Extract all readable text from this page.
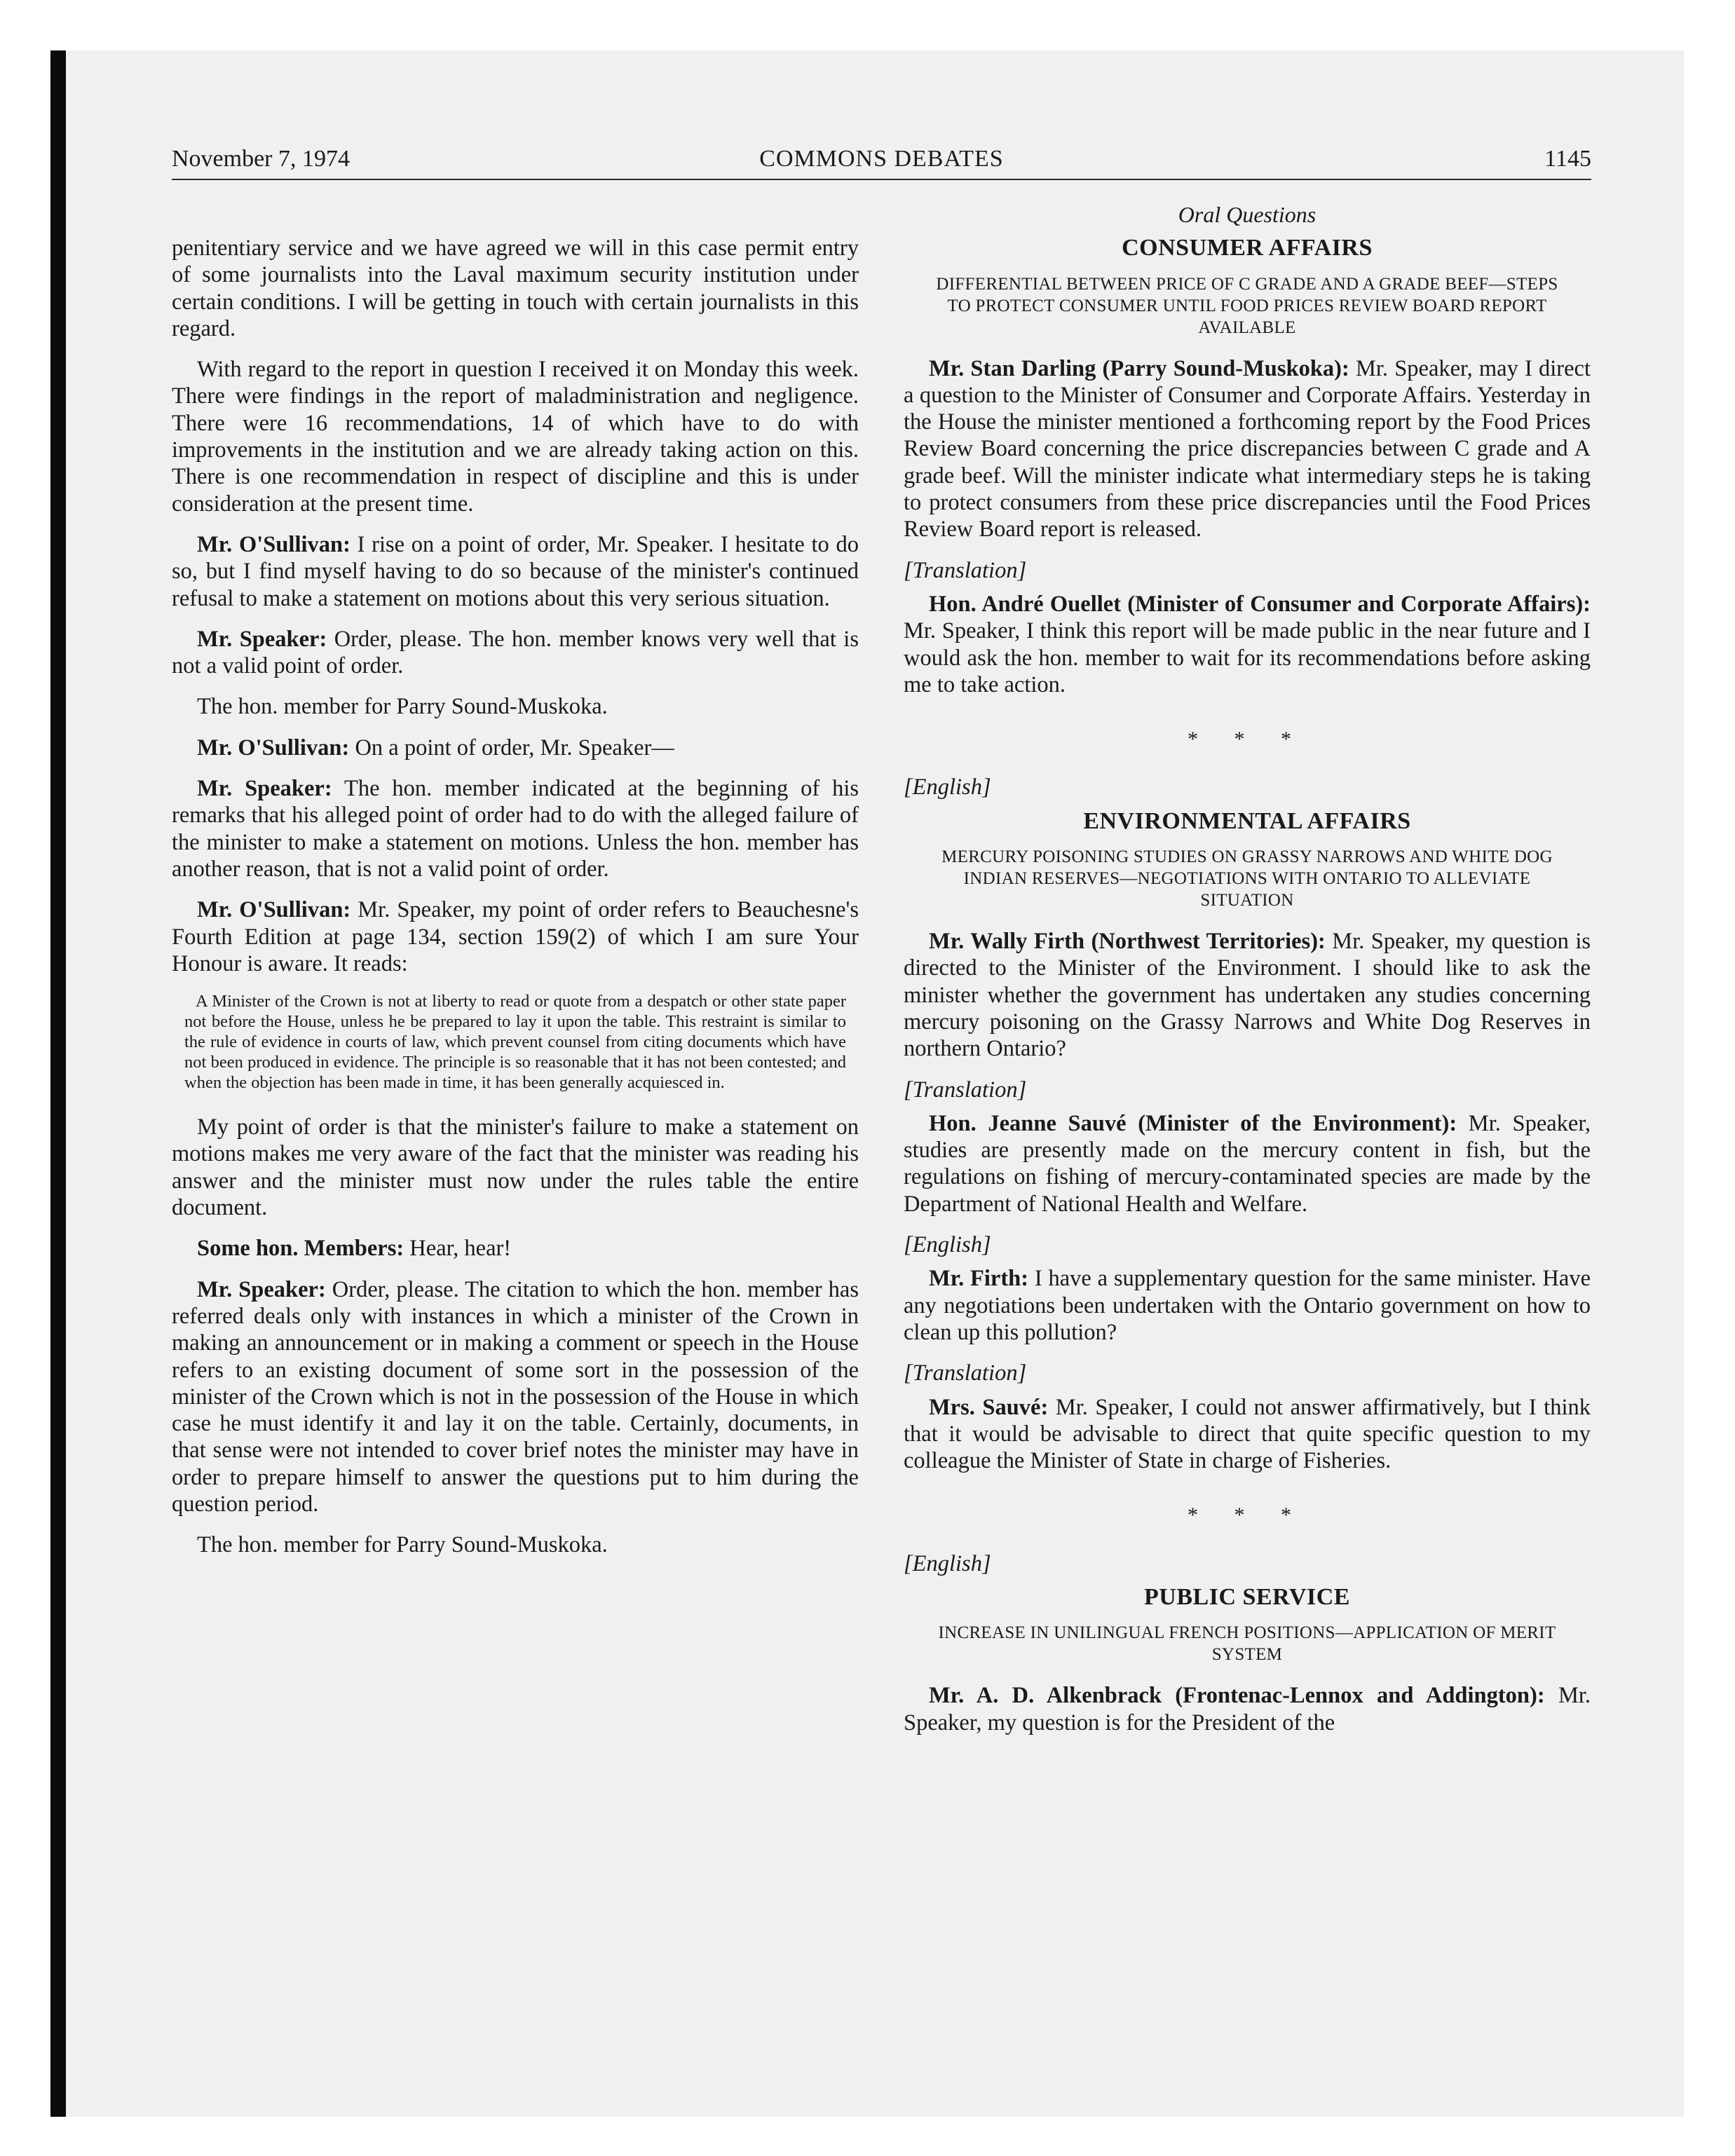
November 7, 1974	COMMONS DEBATES	1145

penitentiary service and we have agreed we will in this case permit entry of some journalists into the Laval maximum security institution under certain conditions. I will be getting in touch with certain journalists in this regard.

With regard to the report in question I received it on Monday this week. There were findings in the report of maladministration and negligence. There were 16 recommendations, 14 of which have to do with improvements in the institution and we are already taking action on this. There is one recommendation in respect of discipline and this is under consideration at the present time.

Mr. O'Sullivan: I rise on a point of order, Mr. Speaker. I hesitate to do so, but I find myself having to do so because of the minister's continued refusal to make a statement on motions about this very serious situation.

Mr. Speaker: Order, please. The hon. member knows very well that is not a valid point of order.

The hon. member for Parry Sound-Muskoka.

Mr. O'Sullivan: On a point of order, Mr. Speaker—

Mr. Speaker: The hon. member indicated at the beginning of his remarks that his alleged point of order had to do with the alleged failure of the minister to make a statement on motions. Unless the hon. member has another reason, that is not a valid point of order.

Mr. O'Sullivan: Mr. Speaker, my point of order refers to Beauchesne's Fourth Edition at page 134, section 159(2) of which I am sure Your Honour is aware. It reads:

A Minister of the Crown is not at liberty to read or quote from a despatch or other state paper not before the House, unless he be prepared to lay it upon the table. This restraint is similar to the rule of evidence in courts of law, which prevent counsel from citing documents which have not been produced in evidence. The principle is so reasonable that it has not been contested; and when the objection has been made in time, it has been generally acquiesced in.

My point of order is that the minister's failure to make a statement on motions makes me very aware of the fact that the minister was reading his answer and the minister must now under the rules table the entire document.

Some hon. Members: Hear, hear!

Mr. Speaker: Order, please. The citation to which the hon. member has referred deals only with instances in which a minister of the Crown in making an announcement or in making a comment or speech in the House refers to an existing document of some sort in the possession of the minister of the Crown which is not in the possession of the House in which case he must identify it and lay it on the table. Certainly, documents, in that sense were not intended to cover brief notes the minister may have in order to prepare himself to answer the questions put to him during the question period.

The hon. member for Parry Sound-Muskoka.

Oral Questions
CONSUMER AFFAIRS
DIFFERENTIAL BETWEEN PRICE OF C GRADE AND A GRADE BEEF—STEPS TO PROTECT CONSUMER UNTIL FOOD PRICES REVIEW BOARD REPORT AVAILABLE

Mr. Stan Darling (Parry Sound-Muskoka): Mr. Speaker, may I direct a question to the Minister of Consumer and Corporate Affairs. Yesterday in the House the minister mentioned a forthcoming report by the Food Prices Review Board concerning the price discrepancies between C grade and A grade beef. Will the minister indicate what intermediary steps he is taking to protect consumers from these price discrepancies until the Food Prices Review Board report is released.

[Translation]

Hon. André Ouellet (Minister of Consumer and Corporate Affairs): Mr. Speaker, I think this report will be made public in the near future and I would ask the hon. member to wait for its recommendations before asking me to take action.

* * *
[English]
ENVIRONMENTAL AFFAIRS
MERCURY POISONING STUDIES ON GRASSY NARROWS AND WHITE DOG INDIAN RESERVES—NEGOTIATIONS WITH ONTARIO TO ALLEVIATE SITUATION

Mr. Wally Firth (Northwest Territories): Mr. Speaker, my question is directed to the Minister of the Environment. I should like to ask the minister whether the government has undertaken any studies concerning mercury poisoning on the Grassy Narrows and White Dog Reserves in northern Ontario?

[Translation]

Hon. Jeanne Sauvé (Minister of the Environment): Mr. Speaker, studies are presently made on the mercury content in fish, but the regulations on fishing of mercury-contaminated species are made by the Department of National Health and Welfare.

[English]

Mr. Firth: I have a supplementary question for the same minister. Have any negotiations been undertaken with the Ontario government on how to clean up this pollution?

[Translation]

Mrs. Sauvé: Mr. Speaker, I could not answer affirmatively, but I think that it would be advisable to direct that quite specific question to my colleague the Minister of State in charge of Fisheries.

* * *
[English]
PUBLIC SERVICE
INCREASE IN UNILINGUAL FRENCH POSITIONS—APPLICATION OF MERIT SYSTEM

Mr. A. D. Alkenbrack (Frontenac-Lennox and Addington): Mr. Speaker, my question is for the President of the
